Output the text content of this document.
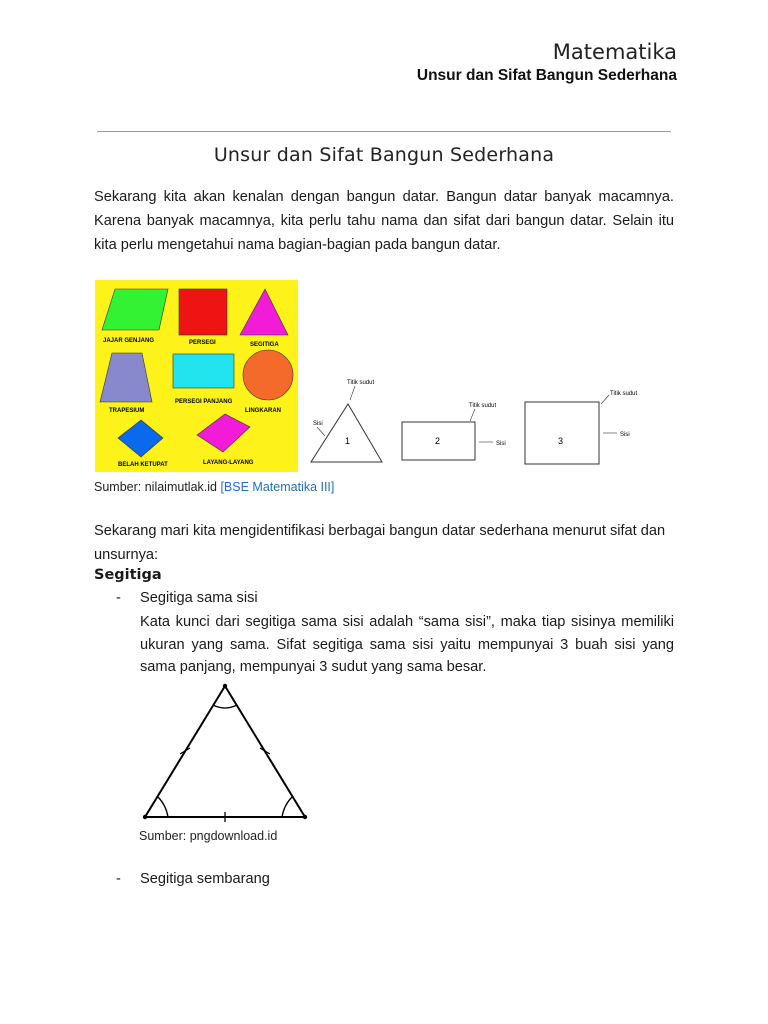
Matematika
Unsur dan Sifat Bangun Sederhana
Unsur dan Sifat Bangun Sederhana
Sekarang kita akan kenalan dengan bangun datar. Bangun datar banyak macamnya. Karena banyak macamnya, kita perlu tahu nama dan sifat dari bangun datar. Selain itu kita perlu mengetahui nama bagian-bagian pada bangun datar.
JAJAR GENJANG	PERSEGI	SEGITIGA
TRAPESIUM
PERSEGI PANJANG
LINGKARAN
BELAH KETUPAT	LAYANG-LAYANG
1	2	3
Titik sudut
Titik sudut
Titik sudut
Sisi
Sisi
Sisi
Sumber: nilaimutlak.id [BSE Matematika III]
Sekarang mari kita mengidentifikasi berbagai bangun datar sederhana menurut sifat dan unsurnya:
Segitiga
- Segitiga sama sisi
Kata kunci dari segitiga sama sisi adalah “sama sisi”, maka tiap sisinya memiliki ukuran yang sama. Sifat segitiga sama sisi yaitu mempunyai 3 buah sisi yang sama panjang, mempunyai 3 sudut yang sama besar.
Sumber: pngdownload.id
- Segitiga sembarang
